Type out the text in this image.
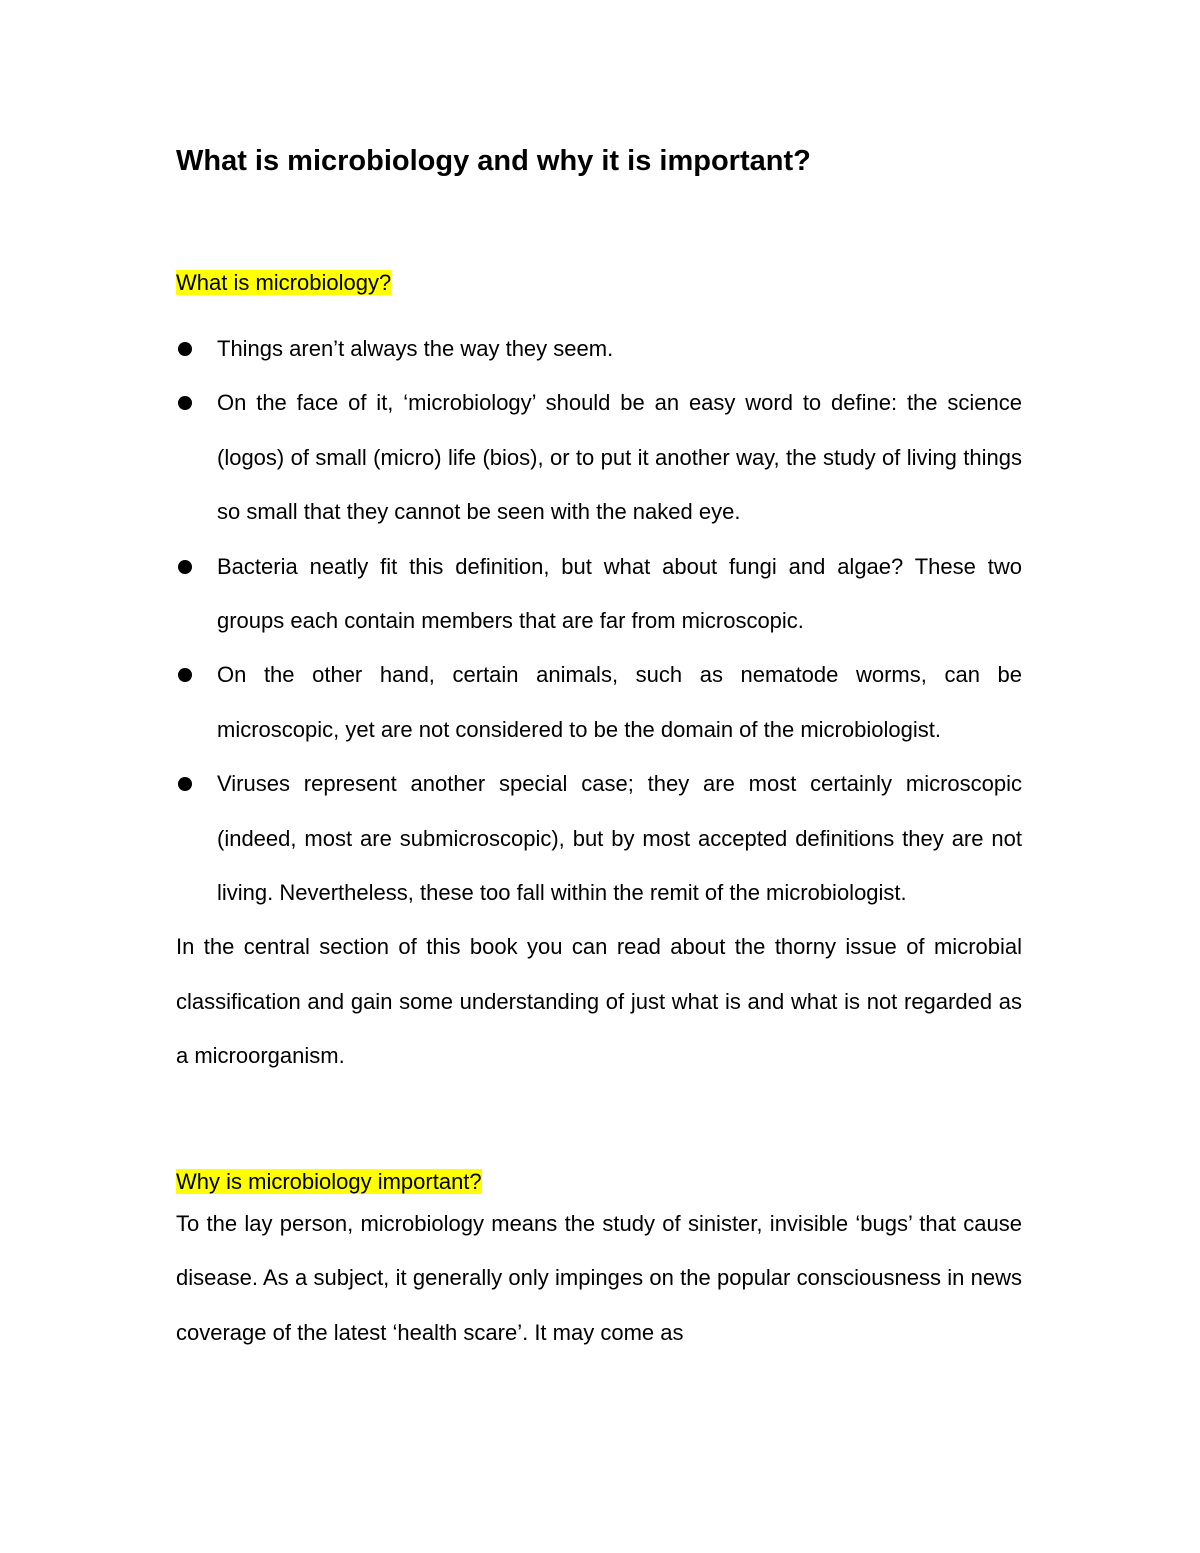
What is microbiology and why it is important?
What is microbiology?
Things aren’t always the way they seem.
On the face of it, ‘microbiology’ should be an easy word to define: the science (logos) of small (micro) life (bios), or to put it another way, the study of living things so small that they cannot be seen with the naked eye.
Bacteria neatly fit this definition, but what about fungi and algae? These two groups each contain members that are far from microscopic.
On the other hand, certain animals, such as nematode worms, can be microscopic, yet are not considered to be the domain of the microbiologist.
Viruses represent another special case; they are most certainly microscopic (indeed, most are submicroscopic), but by most accepted definitions they are not living. Nevertheless, these too fall within the remit of the microbiologist.

In the central section of this book you can read about the thorny issue of microbial classification and gain some understanding of just what is and what is not regarded as a microorganism.

Why is microbiology important?

To the lay person, microbiology means the study of sinister, invisible ‘bugs’ that cause disease. As a subject, it generally only impinges on the popular consciousness in news coverage of the latest ‘health scare’. It may come as
